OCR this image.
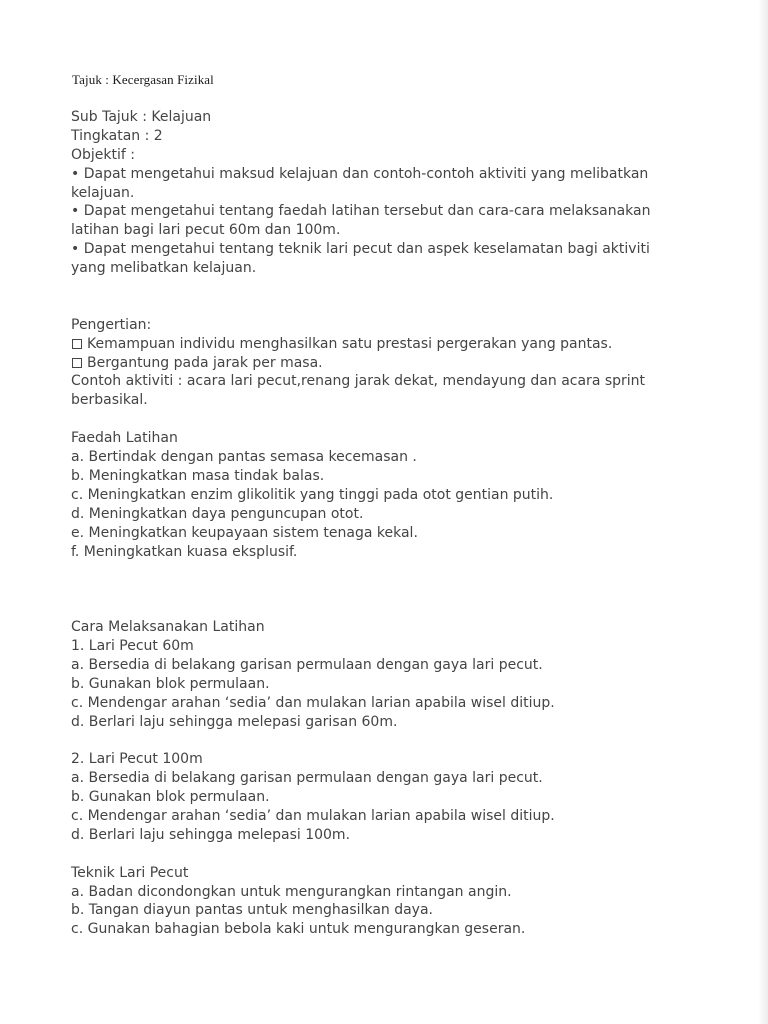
Tajuk : Kecergasan Fizikal
Sub Tajuk : Kelajuan
Tingkatan : 2
Objektif :
• Dapat mengetahui maksud kelajuan dan contoh-contoh aktiviti yang melibatkan
kelajuan.
• Dapat mengetahui tentang faedah latihan tersebut dan cara-cara melaksanakan
latihan bagi lari pecut 60m dan 100m.
• Dapat mengetahui tentang teknik lari pecut dan aspek keselamatan bagi aktiviti
yang melibatkan kelajuan.
Pengertian:
Kemampuan individu menghasilkan satu prestasi pergerakan yang pantas.
Bergantung pada jarak per masa.
Contoh aktiviti : acara lari pecut,renang jarak dekat, mendayung dan acara sprint
berbasikal.
Faedah Latihan
a. Bertindak dengan pantas semasa kecemasan .
b. Meningkatkan masa tindak balas.
c. Meningkatkan enzim glikolitik yang tinggi pada otot gentian putih.
d. Meningkatkan daya penguncupan otot.
e. Meningkatkan keupayaan sistem tenaga kekal.
f. Meningkatkan kuasa eksplusif.
Cara Melaksanakan Latihan
1. Lari Pecut 60m
a. Bersedia di belakang garisan permulaan dengan gaya lari pecut.
b. Gunakan blok permulaan.
c. Mendengar arahan ‘sedia’ dan mulakan larian apabila wisel ditiup.
d. Berlari laju sehingga melepasi garisan 60m.
2. Lari Pecut 100m
a. Bersedia di belakang garisan permulaan dengan gaya lari pecut.
b. Gunakan blok permulaan.
c. Mendengar arahan ‘sedia’ dan mulakan larian apabila wisel ditiup.
d. Berlari laju sehingga melepasi 100m.
Teknik Lari Pecut
a. Badan dicondongkan untuk mengurangkan rintangan angin.
b. Tangan diayun pantas untuk menghasilkan daya.
c. Gunakan bahagian bebola kaki untuk mengurangkan geseran.
